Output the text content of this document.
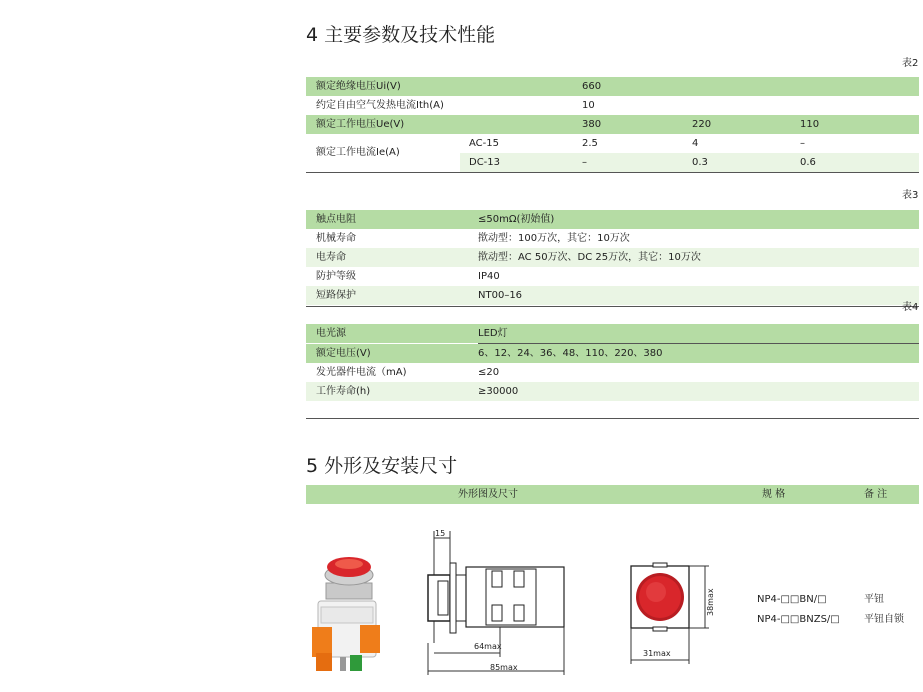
4 主要参数及技术性能
表2
额定绝缘电压Ui(V)	660
约定自由空气发热电流Ith(A)	10
额定工作电压Ue(V)	380	220	110
额定工作电流Ie(A)
AC-15	2.5	4	–
DC-13	–	0.3	0.6
表3
触点电阻	≤50mΩ(初始值)
机械寿命	揿动型：100万次，其它：10万次
电寿命	揿动型：AC 50万次、DC 25万次，其它：10万次
防护等级	IP40
短路保护	NT00–16
表4
电光源	LED灯
额定电压(V)	6、12、24、36、48、110、220、380
发光器件电流（mA)	≤20
工作寿命(h)	≥30000
5 外形及安装尺寸
外形图及尺寸	规 格	备 注
15
64max
85max
38max
31max
NP4-□□BN/□	平钮
NP4-□□BNZS/□ 平钮自锁
